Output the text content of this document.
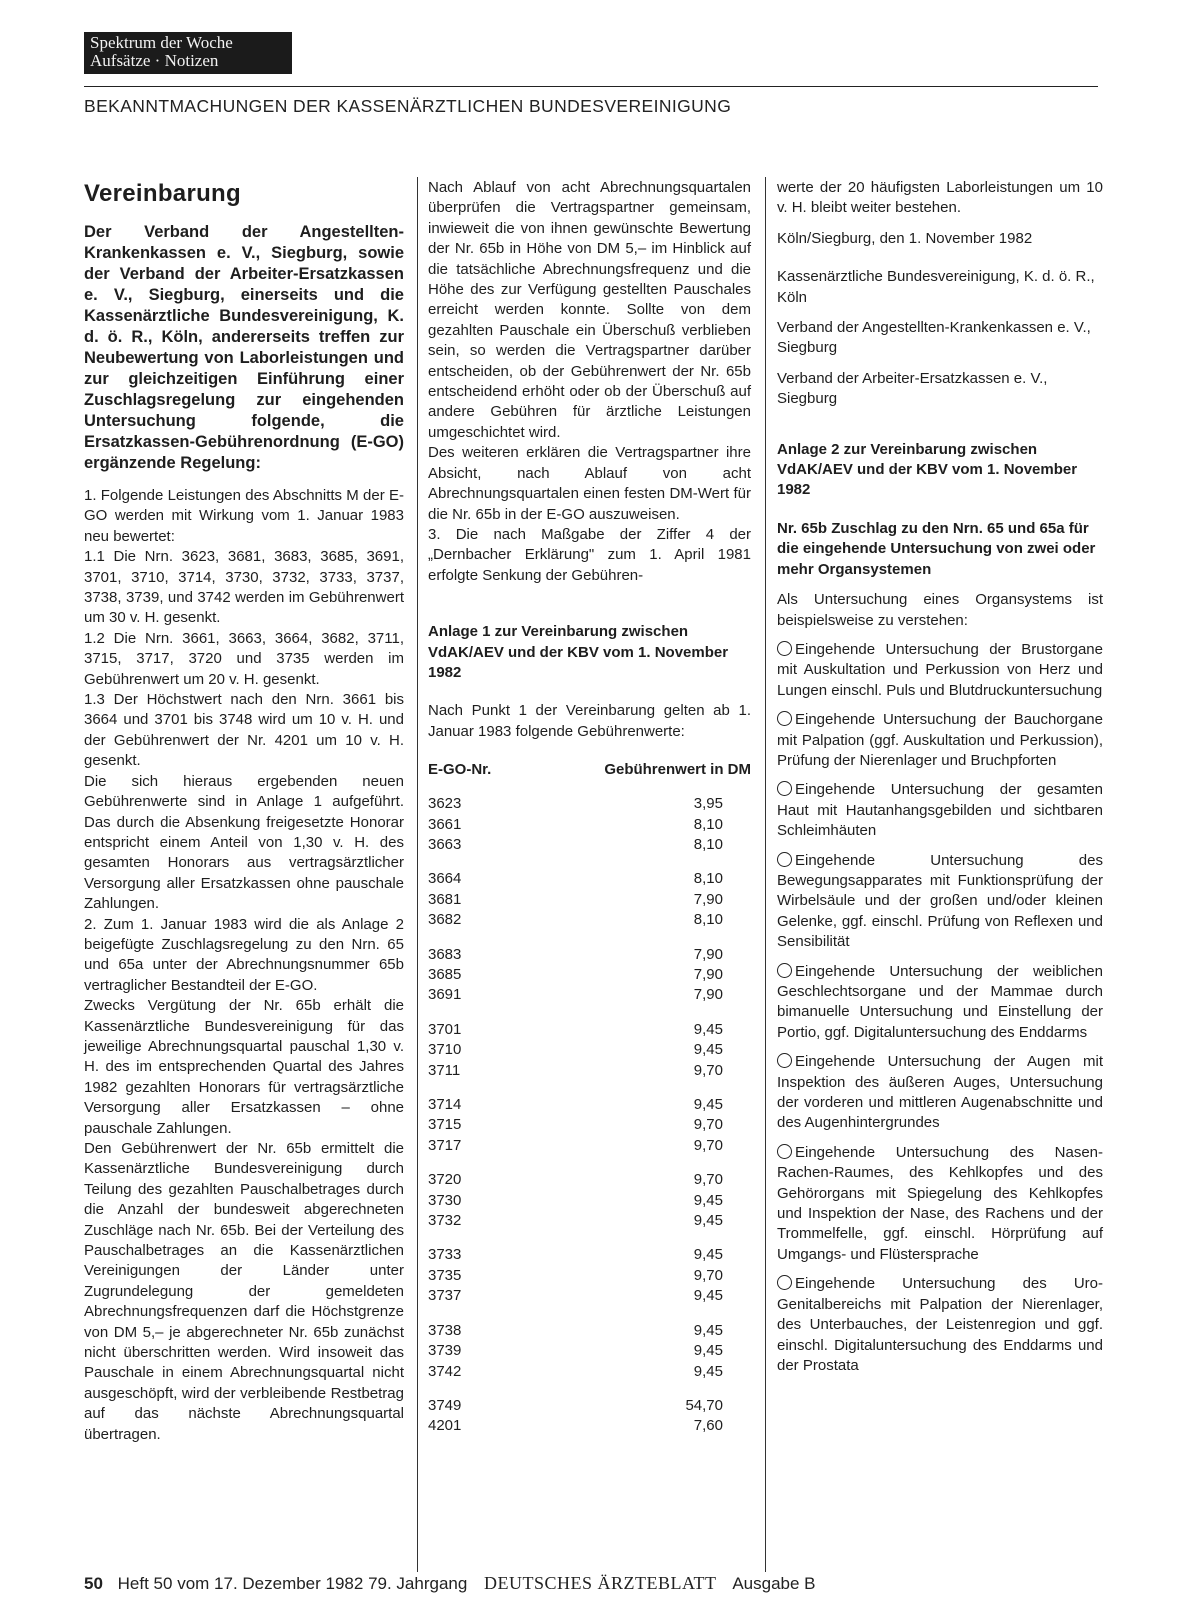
Spektrum der Woche
Aufsätze · Notizen
BEKANNTMACHUNGEN DER KASSENÄRZTLICHEN BUNDESVEREINIGUNG

Vereinbarung

Der Verband der Angestellten-Krankenkassen e. V., Siegburg, sowie der Verband der Arbeiter-Ersatzkassen e. V., Siegburg, einerseits und die Kassenärztliche Bundesvereinigung, K. d. ö. R., Köln, andererseits treffen zur Neubewertung von Laborleistungen und zur gleichzeitigen Einführung einer Zuschlagsregelung zur eingehenden Untersuchung folgende, die Ersatzkassen-Gebührenordnung (E-GO) ergänzende Regelung:

1. Folgende Leistungen des Abschnitts M der E-GO werden mit Wirkung vom 1. Januar 1983 neu bewertet:

1.1 Die Nrn. 3623, 3681, 3683, 3685, 3691, 3701, 3710, 3714, 3730, 3732, 3733, 3737, 3738, 3739, und 3742 werden im Gebührenwert um 30 v. H. gesenkt.

1.2 Die Nrn. 3661, 3663, 3664, 3682, 3711, 3715, 3717, 3720 und 3735 werden im Gebührenwert um 20 v. H. gesenkt.

1.3 Der Höchstwert nach den Nrn. 3661 bis 3664 und 3701 bis 3748 wird um 10 v. H. und der Gebührenwert der Nr. 4201 um 10 v. H. gesenkt.

Die sich hieraus ergebenden neuen Gebührenwerte sind in Anlage 1 aufgeführt. Das durch die Absenkung freigesetzte Honorar entspricht einem Anteil von 1,30 v. H. des gesamten Honorars aus vertragsärztlicher Versorgung aller Ersatzkassen ohne pauschale Zahlungen.

2. Zum 1. Januar 1983 wird die als Anlage 2 beigefügte Zuschlagsregelung zu den Nrn. 65 und 65a unter der Abrechnungsnummer 65b vertraglicher Bestandteil der E-GO.

Zwecks Vergütung der Nr. 65b erhält die Kassenärztliche Bundesvereinigung für das jeweilige Abrechnungsquartal pauschal 1,30 v. H. des im entsprechenden Quartal des Jahres 1982 gezahlten Honorars für vertragsärztliche Versorgung aller Ersatzkassen – ohne pauschale Zahlungen.

Den Gebührenwert der Nr. 65b ermittelt die Kassenärztliche Bundesvereinigung durch Teilung des gezahlten Pauschalbetrages durch die Anzahl der bundesweit abgerechneten Zuschläge nach Nr. 65b. Bei der Verteilung des Pauschalbetrages an die Kassenärztlichen Vereinigungen der Länder unter Zugrundelegung der gemeldeten Abrechnungsfrequenzen darf die Höchstgrenze von DM 5,– je abgerechneter Nr. 65b zunächst nicht überschritten werden. Wird insoweit das Pauschale in einem Abrechnungsquartal nicht ausgeschöpft, wird der verbleibende Restbetrag auf das nächste Abrechnungsquartal übertragen.

Nach Ablauf von acht Abrechnungsquartalen überprüfen die Vertragspartner gemeinsam, inwieweit die von ihnen gewünschte Bewertung der Nr. 65b in Höhe von DM 5,– im Hinblick auf die tatsächliche Abrechnungsfrequenz und die Höhe des zur Verfügung gestellten Pauschales erreicht werden konnte. Sollte von dem gezahlten Pauschale ein Überschuß verblieben sein, so werden die Vertragspartner darüber entscheiden, ob der Gebührenwert der Nr. 65b entscheidend erhöht oder ob der Überschuß auf andere Gebühren für ärztliche Leistungen umgeschichtet wird.

Des weiteren erklären die Vertragspartner ihre Absicht, nach Ablauf von acht Abrechnungsquartalen einen festen DM-Wert für die Nr. 65b in der E-GO auszuweisen.

3. Die nach Maßgabe der Ziffer 4 der „Dernbacher Erklärung" zum 1. April 1981 erfolgte Senkung der Gebühren-

Anlage 1 zur Vereinbarung zwischen VdAK/AEV und der KBV vom 1. November 1982

Nach Punkt 1 der Vereinbarung gelten ab 1. Januar 1983 folgende Gebührenwerte:

E-GO-Nr.	Gebührenwert in DM
3623	3,95
3661	8,10
3663	8,10
3664	8,10
3681	7,90
3682	8,10
3683	7,90
3685	7,90
3691	7,90
3701	9,45
3710	9,45
3711	9,70
3714	9,45
3715	9,70
3717	9,70
3720	9,70
3730	9,45
3732	9,45
3733	9,45
3735	9,70
3737	9,45
3738	9,45
3739	9,45
3742	9,45
3749	54,70
4201	7,60

werte der 20 häufigsten Laborleistungen um 10 v. H. bleibt weiter bestehen.

Köln/Siegburg, den 1. November 1982

Kassenärztliche Bundesvereinigung, K. d. ö. R., Köln

Verband der Angestellten-Krankenkassen e. V., Siegburg

Verband der Arbeiter-Ersatzkassen e. V., Siegburg

Anlage 2 zur Vereinbarung zwischen VdAK/AEV und der KBV vom 1. November 1982

Nr. 65b Zuschlag zu den Nrn. 65 und 65a für die eingehende Untersuchung von zwei oder mehr Organsystemen

Als Untersuchung eines Organsystems ist beispielsweise zu verstehen:

Eingehende Untersuchung der Brustorgane mit Auskultation und Perkussion von Herz und Lungen einschl. Puls und Blutdruckuntersuchung

Eingehende Untersuchung der Bauchorgane mit Palpation (ggf. Auskultation und Perkussion), Prüfung der Nierenlager und Bruchpforten

Eingehende Untersuchung der gesamten Haut mit Hautanhangsgebilden und sichtbaren Schleimhäuten

Eingehende Untersuchung des Bewegungsapparates mit Funktionsprüfung der Wirbelsäule und der großen und/oder kleinen Gelenke, ggf. einschl. Prüfung von Reflexen und Sensibilität

Eingehende Untersuchung der weiblichen Geschlechtsorgane und der Mammae durch bimanuelle Untersuchung und Einstellung der Portio, ggf. Digitaluntersuchung des Enddarms

Eingehende Untersuchung der Augen mit Inspektion des äußeren Auges, Untersuchung der vorderen und mittleren Augenabschnitte und des Augenhintergrundes

Eingehende Untersuchung des Nasen-Rachen-Raumes, des Kehlkopfes und des Gehörorgans mit Spiegelung des Kehlkopfes und Inspektion der Nase, des Rachens und der Trommelfelle, ggf. einschl. Hörprüfung auf Umgangs- und Flüstersprache

Eingehende Untersuchung des Uro-Genitalbereichs mit Palpation der Nierenlager, des Unterbauches, der Leistenregion und ggf. einschl. Digitaluntersuchung des Enddarms und der Prostata

50 Heft 50 vom 17. Dezember 1982 79. Jahrgang DEUTSCHES ÄRZTEBLATT Ausgabe B
